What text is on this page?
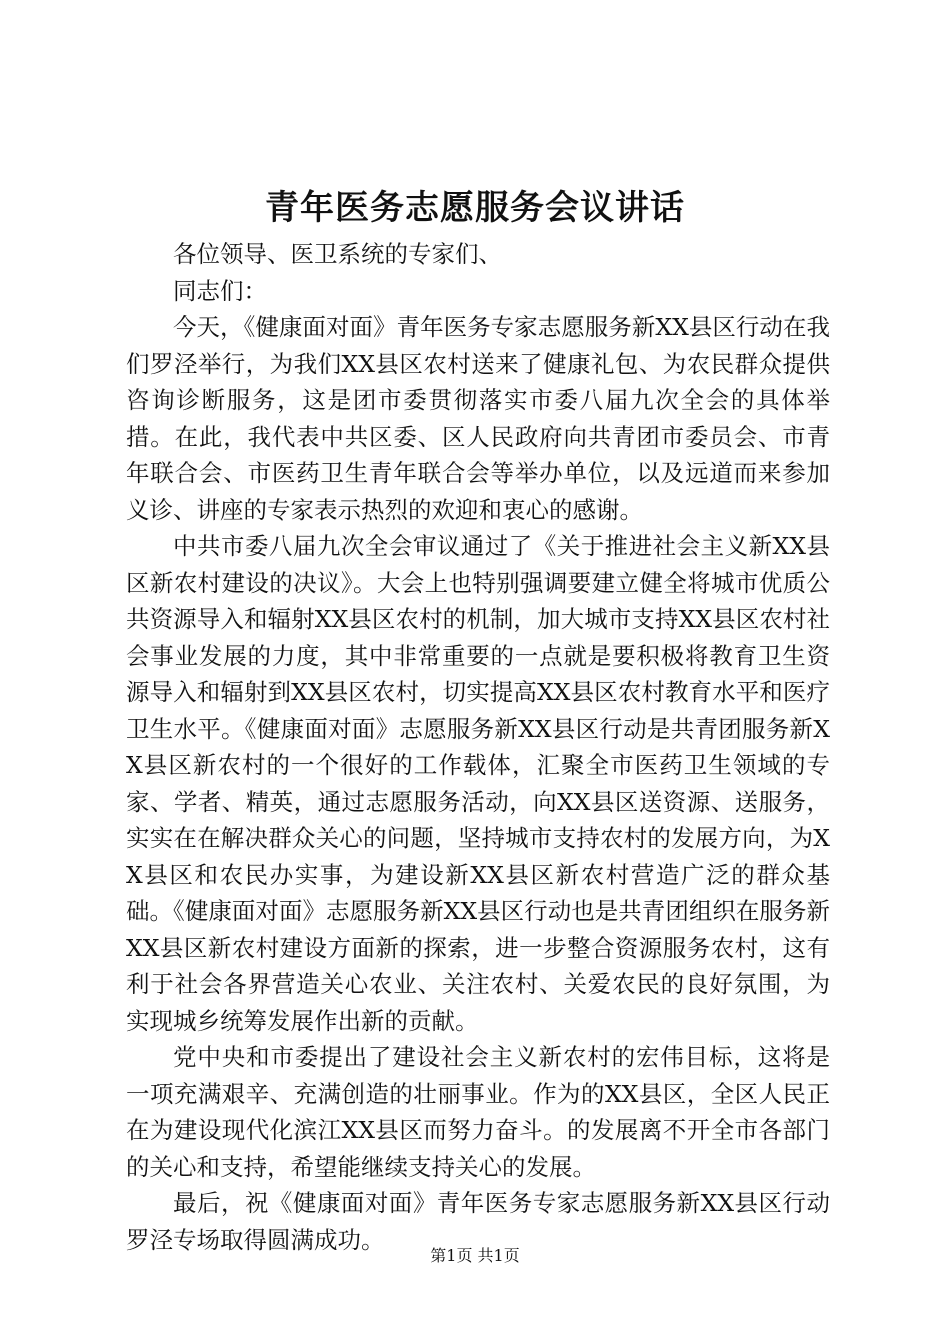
青年医务志愿服务会议讲话

各位领导、医卫系统的专家们、

同志们：

今天，《健康面对面》青年医务专家志愿服务新XX县区行动在我们罗泾举行，为我们XX县区农村送来了健康礼包、为农民群众提供咨询诊断服务，这是团市委贯彻落实市委八届九次全会的具体举措。在此，我代表中共区委、区人民政府向共青团市委员会、市青年联合会、市医药卫生青年联合会等举办单位，以及远道而来参加义诊、讲座的专家表示热烈的欢迎和衷心的感谢。

中共市委八届九次全会审议通过了《关于推进社会主义新XX县区新农村建设的决议》。大会上也特别强调要建立健全将城市优质公共资源导入和辐射XX县区农村的机制，加大城市支持XX县区农村社会事业发展的力度，其中非常重要的一点就是要积极将教育卫生资源导入和辐射到XX县区农村，切实提高XX县区农村教育水平和医疗卫生水平。《健康面对面》志愿服务新XX县区行动是共青团服务新XX县区新农村的一个很好的工作载体，汇聚全市医药卫生领域的专家、学者、精英，通过志愿服务活动，向XX县区送资源、送服务，实实在在解决群众关心的问题，坚持城市支持农村的发展方向，为XX县区和农民办实事，为建设新XX县区新农村营造广泛的群众基础。《健康面对面》志愿服务新XX县区行动也是共青团组织在服务新XX县区新农村建设方面新的探索，进一步整合资源服务农村，这有利于社会各界营造关心农业、关注农村、关爱农民的良好氛围，为实现城乡统筹发展作出新的贡献。

党中央和市委提出了建设社会主义新农村的宏伟目标，这将是一项充满艰辛、充满创造的壮丽事业。作为的XX县区，全区人民正在为建设现代化滨江XX县区而努力奋斗。的发展离不开全市各部门的关心和支持，希望能继续支持关心的发展。

最后，祝《健康面对面》青年医务专家志愿服务新XX县区行动罗泾专场取得圆满成功。

第1页 共1页
